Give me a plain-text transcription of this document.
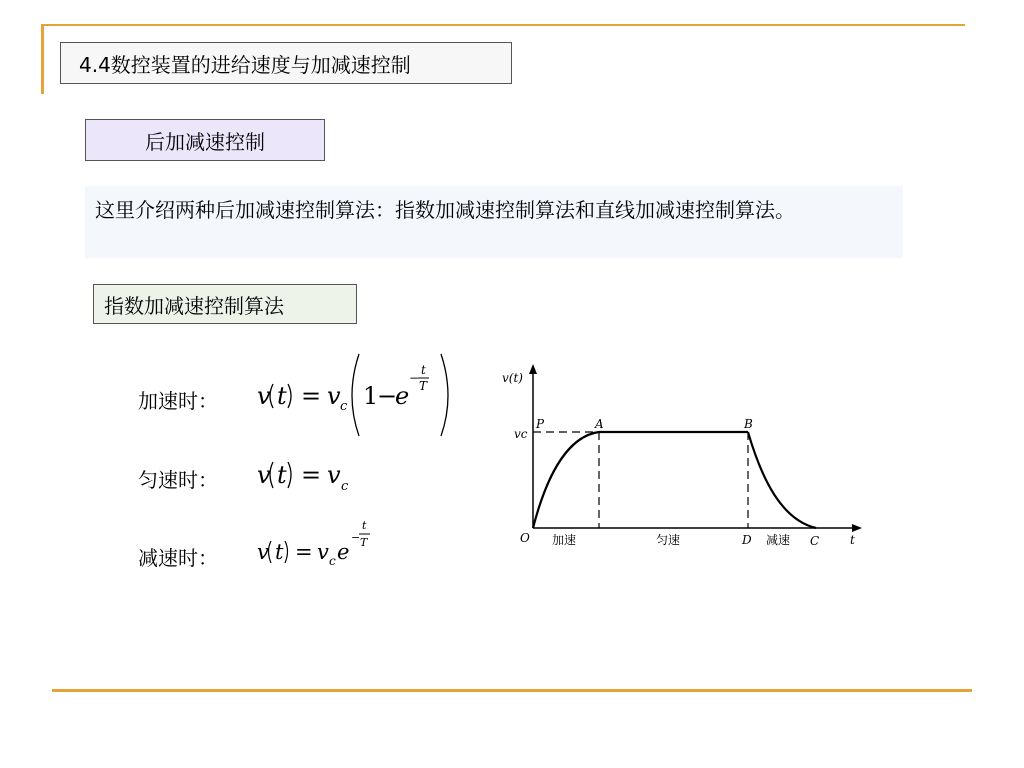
4.4数控装置的进给速度与加减速控制
后加减速控制
这里介绍两种后加减速控制算法：指数加减速控制算法和直线加减速控制算法。
指数加减速控制算法
加速时：
匀速时：
减速时：
v t = v c 1
−
e
−
t
T
v t = v c
v t = v c e
−
t
T
v(t)
vc
P	A	B
O	D	C	t
加速	匀速	减速
